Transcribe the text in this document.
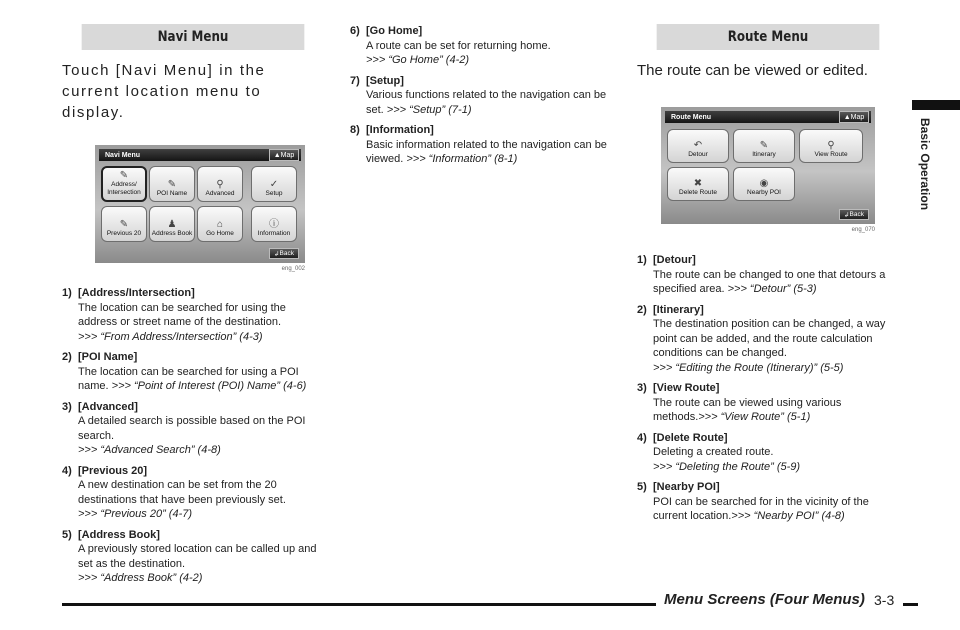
Navi Menu

Touch [Navi Menu] in the current location menu to display.

Navi Menu	▲ Map
✎
Address/ Intersection
✎
POI Name
⚲
Advanced
✓
Setup
✎
Previous 20
♟
Address Book
⌂
Go Home
ⓘ
Information
↲ Back
eng_002
1) [Address/Intersection]
The location can be searched for using the address or street name of the destination.
>>> “From Address/Intersection” (4-3)
2) [POI Name]
The location can be searched for using a POI name. >>> “Point of Interest (POI) Name” (4-6)
3) [Advanced]
A detailed search is possible based on the POI search.
>>> “Advanced Search” (4-8)
4) [Previous 20]
A new destination can be set from the 20 destinations that have been previously set.
>>> “Previous 20” (4-7)
5) [Address Book]
A previously stored location can be called up and set as the destination.
>>> “Address Book” (4-2)
6) [Go Home]
A route can be set for returning home.
>>> “Go Home” (4-2)
7) [Setup]
Various functions related to the navigation can be set. >>> “Setup” (7-1)
8) [Information]
Basic information related to the navigation can be viewed. >>> “Information” (8-1)
Route Menu

The route can be viewed or edited.

Route Menu	▲ Map
↶
Detour
✎
Itinerary
⚲
View Route
✖
Delete Route
◉
Nearby POI
↲ Back
eng_070
1) [Detour]
The route can be changed to one that detours a specified area. >>> “Detour” (5-3)
2) [Itinerary]
The destination position can be changed, a way point can be added, and the route calculation conditions can be changed.
>>> “Editing the Route (Itinerary)” (5-5)
3) [View Route]
The route can be viewed using various methods.>>> “View Route” (5-1)
4) [Delete Route]
Deleting a created route.
>>> “Deleting the Route” (5-9)
5) [Nearby POI]
POI can be searched for in the vicinity of the current location.>>> “Nearby POI” (4-8)
Basic Operation
Menu Screens (Four Menus) 3-3
